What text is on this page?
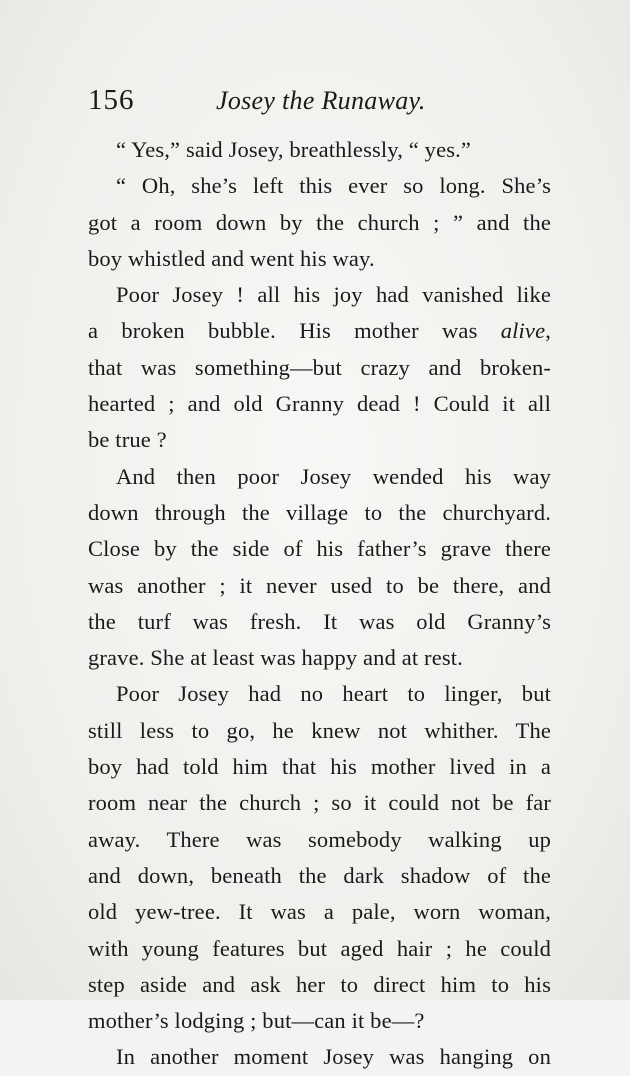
156	Josey the Runaway.
“ Yes,” said Josey, breathlessly, “ yes.”
“ Oh, she’s left this ever so long. She’s
got a room down by the church ; ” and the
boy whistled and went his way.
Poor Josey ! all his joy had vanished like
a broken bubble. His mother was alive,
that was something—but crazy and broken-
hearted ; and old Granny dead ! Could it all
be true ?
And then poor Josey wended his way
down through the village to the churchyard.
Close by the side of his father’s grave there
was another ; it never used to be there, and
the turf was fresh. It was old Granny’s
grave. She at least was happy and at rest.
Poor Josey had no heart to linger, but
still less to go, he knew not whither. The
boy had told him that his mother lived in a
room near the church ; so it could not be far
away. There was somebody walking up
and down, beneath the dark shadow of the
old yew-tree. It was a pale, worn woman,
with young features but aged hair ; he could
step aside and ask her to direct him to his
mother’s lodging ; but—can it be—?
In another moment Josey was hanging on
